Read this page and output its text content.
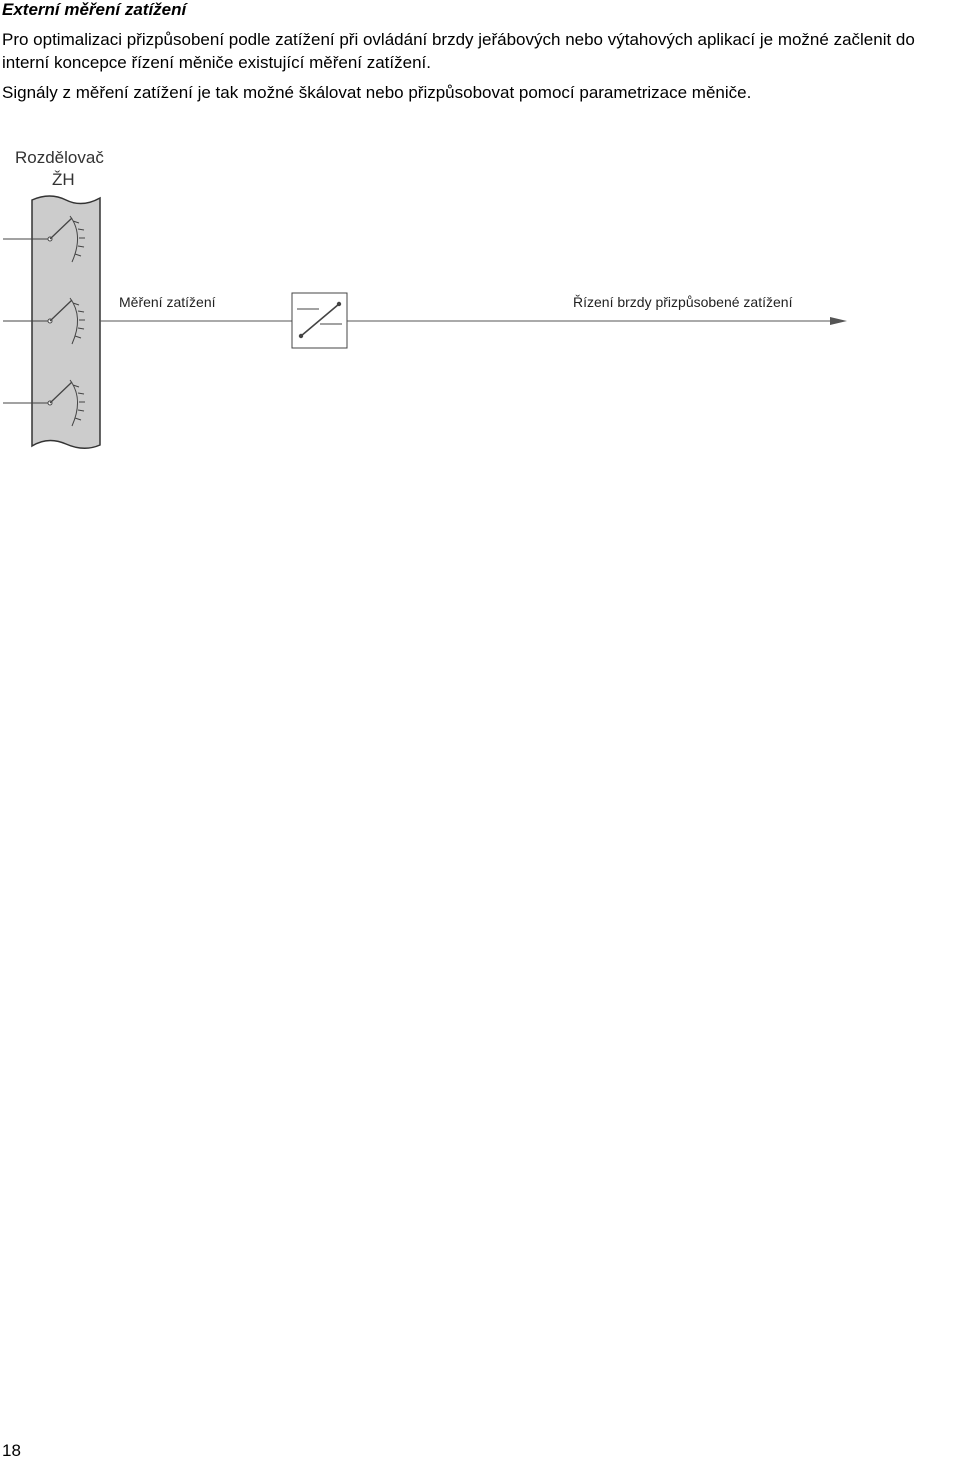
Externí měření zatížení

Pro optimalizaci přizpůsobení podle zatížení při ovládání brzdy jeřábových nebo výtahových aplikací je možné začlenit do interní koncepce řízení měniče existující měření zatížení.

Signály z měření zatížení je tak možné škálovat nebo přizpůsobovat pomocí parametrizace měniče.

Rozdělovač
ŽH
Měření zatížení	Řízení brzdy přizpůsobené zatížení
18
